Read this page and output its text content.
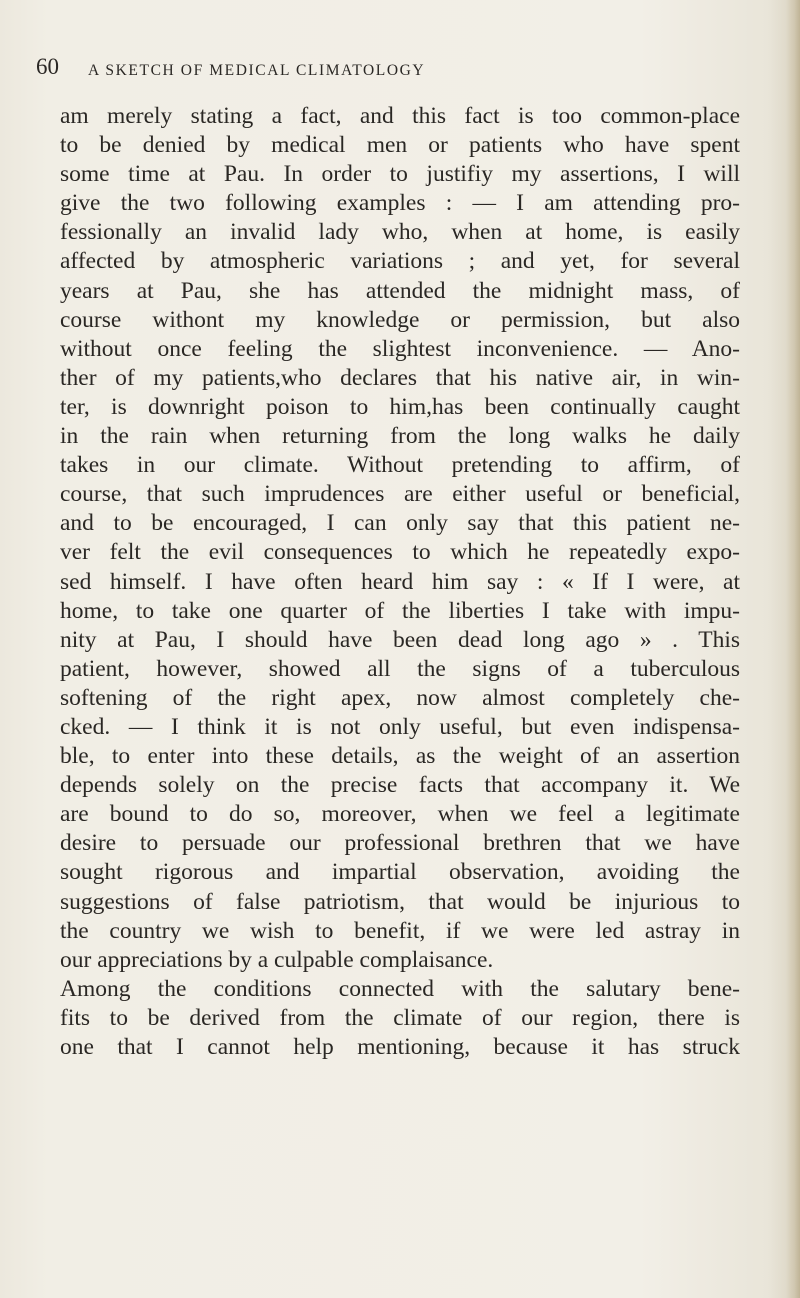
60 A SKETCH OF MEDICAL CLIMATOLOGY
am merely stating a fact, and this fact is too common-place
to be denied by medical men or patients who have spent
some time at Pau. In order to justifiy my assertions, I will
give the two following examples : — I am attending pro-
fessionally an invalid lady who, when at home, is easily
affected by atmospheric variations ; and yet, for several
years at Pau, she has attended the midnight mass, of
course withont my knowledge or permission, but also
without once feeling the slightest inconvenience. — Ano-
ther of my patients,who declares that his native air, in win-
ter, is downright poison to him,has been continually caught
in the rain when returning from the long walks he daily
takes in our climate. Without pretending to affirm, of
course, that such imprudences are either useful or beneficial,
and to be encouraged, I can only say that this patient ne-
ver felt the evil consequences to which he repeatedly expo-
sed himself. I have often heard him say : « If I were, at
home, to take one quarter of the liberties I take with impu-
nity at Pau, I should have been dead long ago » . This
patient, however, showed all the signs of a tuberculous
softening of the right apex, now almost completely che-
cked. — I think it is not only useful, but even indispensa-
ble, to enter into these details, as the weight of an assertion
depends solely on the precise facts that accompany it. We
are bound to do so, moreover, when we feel a legitimate
desire to persuade our professional brethren that we have
sought rigorous and impartial observation, avoiding the
suggestions of false patriotism, that would be injurious to
the country we wish to benefit, if we were led astray in
our appreciations by a culpable complaisance.
Among the conditions connected with the salutary bene-
fits to be derived from the climate of our region, there is
one that I cannot help mentioning, because it has struck
